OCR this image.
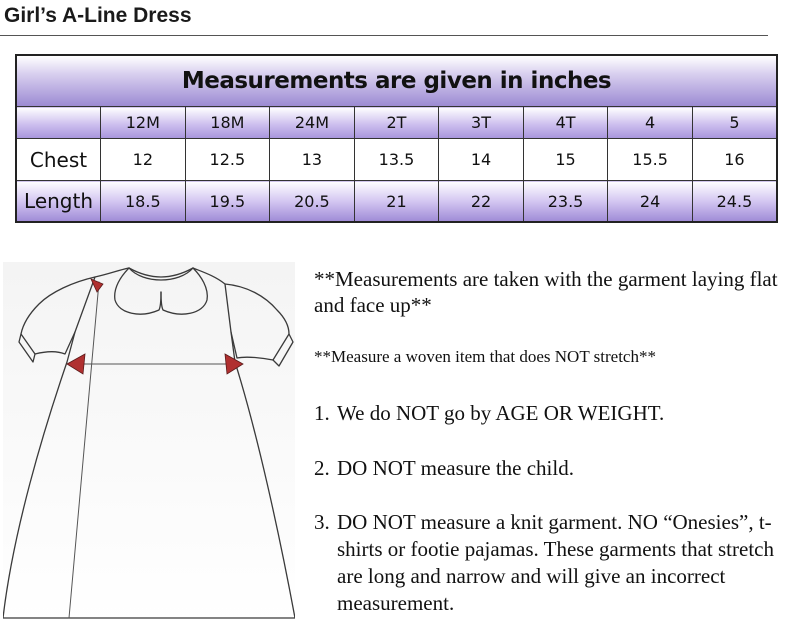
Girl’s A-Line Dress
Measurements are given in inches								
	12M	18M	24M	2T	3T	4T	4	5
Chest	12	12.5	13	13.5	14	15	15.5	16
Length	18.5	19.5	20.5	21	22	23.5	24	24.5

**Measurements are taken with the garment laying flat and face up**

**Measure a woven item that does NOT stretch**

1. We do NOT go by AGE OR WEIGHT.
2. DO NOT measure the child.
3. DO NOT measure a knit garment. NO “Onesies”, t-shirts or footie pajamas. These garments that stretch are long and narrow and will give an incorrect measurement.
